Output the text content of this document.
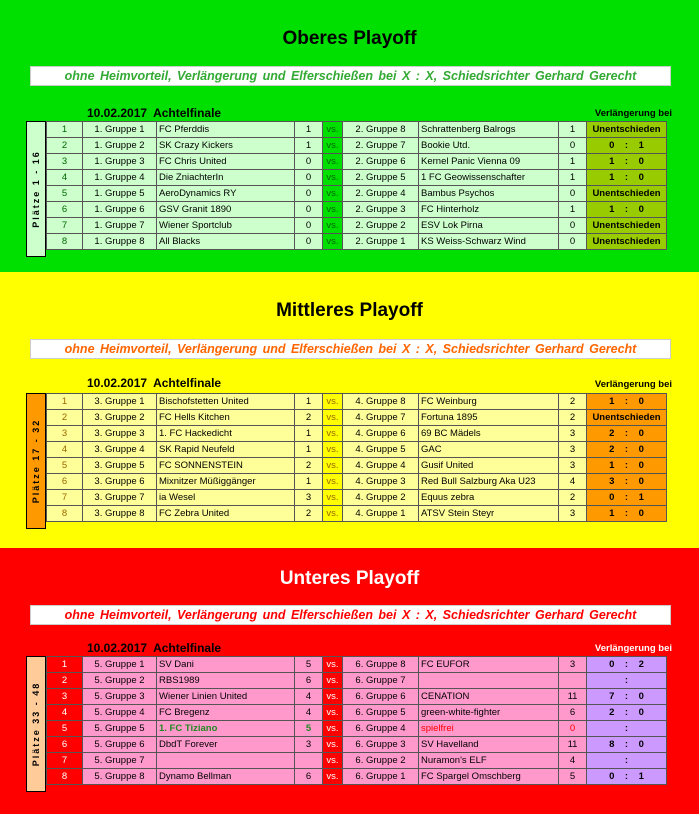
Oberes Playoff
ohne Heimvorteil, Verlängerung und Elferschießen bei X : X, Schiedsrichter Gerhard Gerecht
10.02.2017 Achtelfinale	Verlängerung bei
Plätze 1 - 16
1	1. Gruppe 1	FC Pferddis	1	vs.	2. Gruppe 8	Schrattenberg Balrogs	1	Unentschieden
2	1. Gruppe 2	SK Crazy Kickers	1	vs.	2. Gruppe 7	Bookie Utd.	0	0    :    1
3	1. Gruppe 3	FC Chris United	0	vs.	2. Gruppe 6	Kernel Panic Vienna 09	1	1    :    0
4	1. Gruppe 4	Die ZniachterIn	0	vs.	2. Gruppe 5	1 FC Geowissenschafter	1	1    :    0
5	1. Gruppe 5	AeroDynamics RY	0	vs.	2. Gruppe 4	Bambus Psychos	0	Unentschieden
6	1. Gruppe 6	GSV Granit 1890	0	vs.	2. Gruppe 3	FC Hinterholz	1	1    :    0
7	1. Gruppe 7	Wiener Sportclub	0	vs.	2. Gruppe 2	ESV Lok Pirna	0	Unentschieden
8	1. Gruppe 8	All Blacks	0	vs.	2. Gruppe 1	KS Weiss-Schwarz Wind	0	Unentschieden
Mittleres Playoff
ohne Heimvorteil, Verlängerung und Elferschießen bei X : X, Schiedsrichter Gerhard Gerecht
10.02.2017 Achtelfinale	Verlängerung bei
Plätze 17 - 32
1	3. Gruppe 1	Bischofstetten United	1	vs.	4. Gruppe 8	FC Weinburg	2	1    :    0
2	3. Gruppe 2	FC Hells Kitchen	2	vs.	4. Gruppe 7	Fortuna 1895	2	Unentschieden
3	3. Gruppe 3	1. FC Hackedicht	1	vs.	4. Gruppe 6	69 BC Mädels	3	2    :    0
4	3. Gruppe 4	SK Rapid Neufeld	1	vs.	4. Gruppe 5	GAC	3	2    :    0
5	3. Gruppe 5	FC SONNENSTEIN	2	vs.	4. Gruppe 4	Gusif United	3	1    :    0
6	3. Gruppe 6	Mixnitzer Müßiggänger	1	vs.	4. Gruppe 3	Red Bull Salzburg Aka U23	4	3    :    0
7	3. Gruppe 7	ia Wesel	3	vs.	4. Gruppe 2	Equus zebra	2	0    :    1
8	3. Gruppe 8	FC Zebra United	2	vs.	4. Gruppe 1	ATSV Stein Steyr	3	1    :    0
Unteres Playoff
ohne Heimvorteil, Verlängerung und Elferschießen bei X : X, Schiedsrichter Gerhard Gerecht
10.02.2017 Achtelfinale	Verlängerung bei
Plätze 33 - 48
1	5. Gruppe 1	SV Dani	5	vs.	6. Gruppe 8	FC EUFOR	3	0    :    2
2	5. Gruppe 2	RBS1989	6	vs.	6. Gruppe 7			:
3	5. Gruppe 3	Wiener Linien United	4	vs.	6. Gruppe 6	CENATION	11	7    :    0
4	5. Gruppe 4	FC Bregenz	4	vs.	6. Gruppe 5	green-white-fighter	6	2    :    0
5	5. Gruppe 5	1. FC Tiziano	5	vs.	6. Gruppe 4	spielfrei	0	:
6	5. Gruppe 6	DbdT Forever	3	vs.	6. Gruppe 3	SV Havelland	11	8    :    0
7	5. Gruppe 7			vs.	6. Gruppe 2	Nuramon's ELF	4	:
8	5. Gruppe 8	Dynamo Bellman	6	vs.	6. Gruppe 1	FC Spargel Omschberg	5	0    :    1
